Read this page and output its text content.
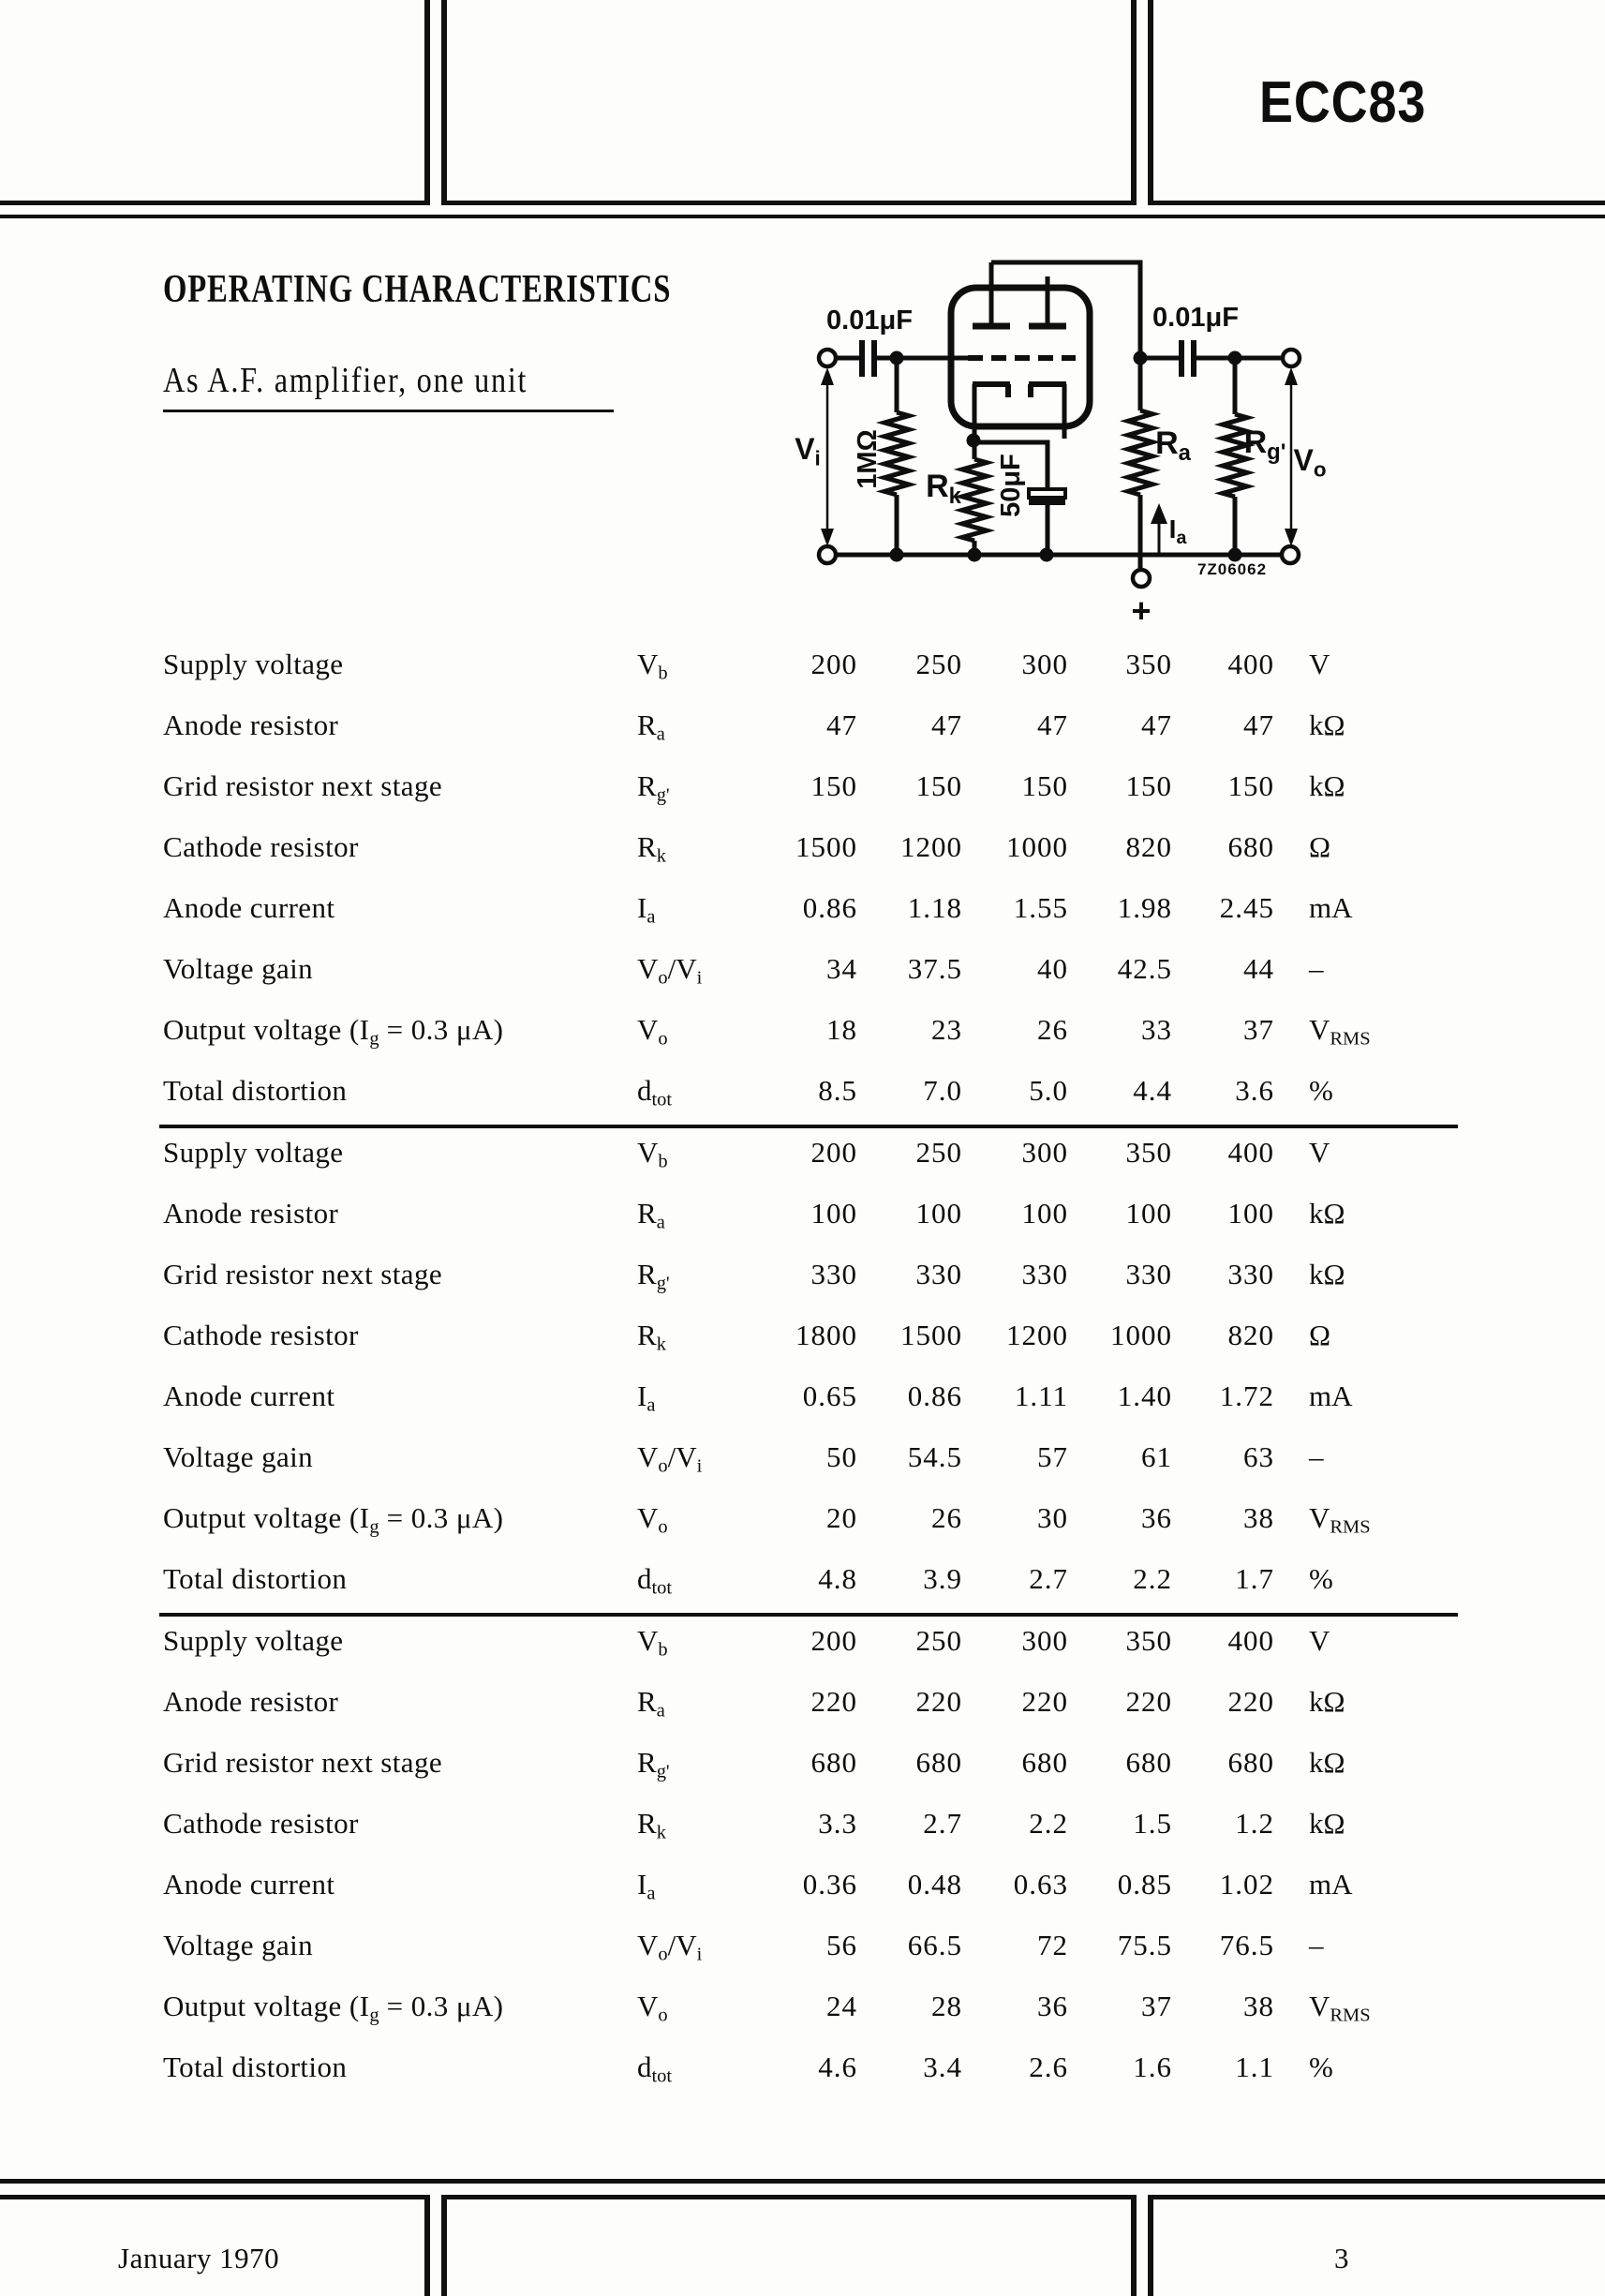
ECC83
OPERATING CHARACTERISTICS
As A.F. amplifier, one unit
0.01μF	0.01μF
1MΩ	$R_k$	50μF
$R_a$	$R_{g'}$
$V_i$	$V_o$
$I_a$
+
7Z06062
Supply voltage	$V_b$	200	250	300	350	400 V
Anode resistor	$R_a$	47	47	47	47	47 kΩ
Grid resistor next stage	$R_{g'}$	150	150	150	150	150 kΩ
Cathode resistor	$R_k$	1500	1200	1000	820	680 Ω
Anode current	$I_a$	0.86	1.18	1.55	1.98	2.45 mA
Voltage gain	$V_o/V_i$	34	37.5	40	42.5	44 –
Output voltage ($I_g = 0.3$ μA)	$V_o$	18	23	26	33	37 $V_{RMS}$
Total distortion	$d_{tot}$	8.5	7.0	5.0	4.4	3.6 %
Supply voltage	$V_b$	200	250	300	350	400 V
Anode resistor	$R_a$	100	100	100	100	100 kΩ
Grid resistor next stage	$R_{g'}$	330	330	330	330	330 kΩ
Cathode resistor	$R_k$	1800	1500	1200	1000	820 Ω
Anode current	$I_a$	0.65	0.86	1.11	1.40	1.72 mA
Voltage gain	$V_o/V_i$	50	54.5	57	61	63 –
Output voltage ($I_g = 0.3$ μA)	$V_o$	20	26	30	36	38 $V_{RMS}$
Total distortion	$d_{tot}$	4.8	3.9	2.7	2.2	1.7 %
Supply voltage	$V_b$	200	250	300	350	400 V
Anode resistor	$R_a$	220	220	220	220	220 kΩ
Grid resistor next stage	$R_{g'}$	680	680	680	680	680 kΩ
Cathode resistor	$R_k$	3.3	2.7	2.2	1.5	1.2 kΩ
Anode current	$I_a$	0.36	0.48	0.63	0.85	1.02 mA
Voltage gain	$V_o/V_i$	56	66.5	72	75.5	76.5 –
Output voltage ($I_g = 0.3$ μA)	$V_o$	24	28	36	37	38 $V_{RMS}$
Total distortion	$d_{tot}$	4.6	3.4	2.6	1.6	1.1 %
January 1970	3
